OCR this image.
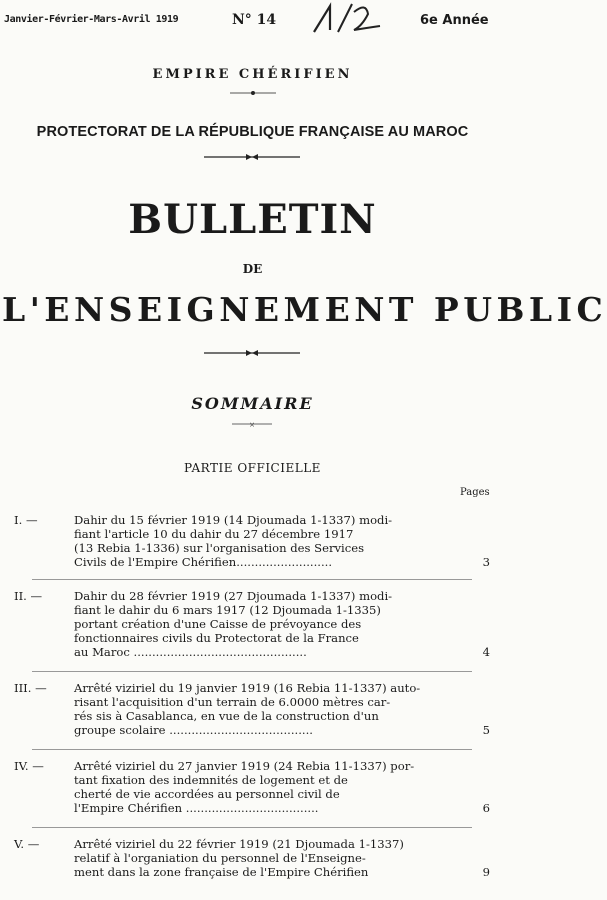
Janvier-Février-Mars-Avril 1919	N° 14	6e Année
EMPIRE CHÉRIFIEN
PROTECTORAT DE LA RÉPUBLIQUE FRANÇAISE AU MAROC
BULLETIN
DE
L'ENSEIGNEMENT PUBLIC
SOMMAIRE
×
PARTIE OFFICIELLE
Pages
I. —	Dahir du 15 février 1919 (14 Djoumada 1-1337) modi-
fiant l'article 10 du dahir du 27 décembre 1917
(13 Rebia 1-1336) sur l'organisation des Services
Civils de l'Empire Chérifien..........................	3
II. —	Dahir du 28 février 1919 (27 Djoumada 1-1337) modi-
fiant le dahir du 6 mars 1917 (12 Djoumada 1-1335)
portant création d'une Caisse de prévoyance des
fonctionnaires civils du Protectorat de la France
au Maroc ...............................................	4
III. — Arrêté viziriel du 19 janvier 1919 (16 Rebia 11-1337) auto-
risant l'acquisition d'un terrain de 6.0000 mètres car-
rés sis à Casablanca, en vue de la construction d'un
groupe scolaire .......................................	5
IV. —	Arrêté viziriel du 27 janvier 1919 (24 Rebia 11-1337) por-
tant fixation des indemnités de logement et de
cherté de vie accordées au personnel civil de
l'Empire Chérifien ....................................	6
V. —	Arrêté viziriel du 22 février 1919 (21 Djoumada 1-1337)
relatif à l'organiation du personnel de l'Enseigne-
ment dans la zone française de l'Empire Chérifien	9
